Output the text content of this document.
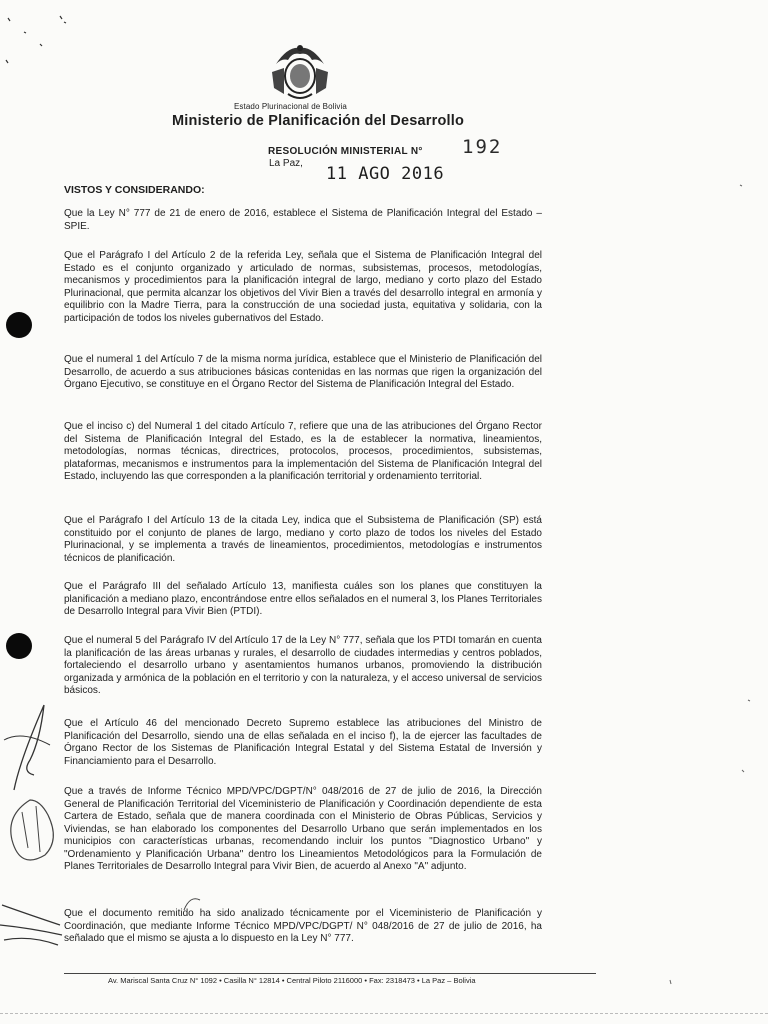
Estado Plurinacional de Bolivia
Ministerio de Planificación del Desarrollo
RESOLUCIÓN MINISTERIAL N° 192
La Paz,
11 AGO 2016
VISTOS Y CONSIDERANDO:

Que la Ley N° 777 de 21 de enero de 2016, establece el Sistema de Planificación Integral del Estado – SPIE.

Que el Parágrafo I del Artículo 2 de la referida Ley, señala que el Sistema de Planificación Integral del Estado es el conjunto organizado y articulado de normas, subsistemas, procesos, metodologías, mecanismos y procedimientos para la planificación integral de largo, mediano y corto plazo del Estado Plurinacional, que permita alcanzar los objetivos del Vivir Bien a través del desarrollo integral en armonía y equilibrio con la Madre Tierra, para la construcción de una sociedad justa, equitativa y solidaria, con la participación de todos los niveles gubernativos del Estado.

Que el numeral 1 del Artículo 7 de la misma norma jurídica, establece que el Ministerio de Planificación del Desarrollo, de acuerdo a sus atribuciones básicas contenidas en las normas que rigen la organización del Órgano Ejecutivo, se constituye en el Órgano Rector del Sistema de Planificación Integral del Estado.

Que el inciso c) del Numeral 1 del citado Artículo 7, refiere que una de las atribuciones del Órgano Rector del Sistema de Planificación Integral del Estado, es la de establecer la normativa, lineamientos, metodologías, normas técnicas, directrices, protocolos, procesos, procedimientos, subsistemas, plataformas, mecanismos e instrumentos para la implementación del Sistema de Planificación Integral del Estado, incluyendo las que corresponden a la planificación territorial y ordenamiento territorial.

Que el Parágrafo I del Artículo 13 de la citada Ley, indica que el Subsistema de Planificación (SP) está constituido por el conjunto de planes de largo, mediano y corto plazo de todos los niveles del Estado Plurinacional, y se implementa a través de lineamientos, procedimientos, metodologías e instrumentos técnicos de planificación.

Que el Parágrafo III del señalado Artículo 13, manifiesta cuáles son los planes que constituyen la planificación a mediano plazo, encontrándose entre ellos señalados en el numeral 3, los Planes Territoriales de Desarrollo Integral para Vivir Bien (PTDI).

Que el numeral 5 del Parágrafo IV del Artículo 17 de la Ley N° 777, señala que los PTDI tomarán en cuenta la planificación de las áreas urbanas y rurales, el desarrollo de ciudades intermedias y centros poblados, fortaleciendo el desarrollo urbano y asentamientos humanos urbanos, promoviendo la distribución organizada y armónica de la población en el territorio y con la naturaleza, y el acceso universal de servicios básicos.

Que el Artículo 46 del mencionado Decreto Supremo establece las atribuciones del Ministro de Planificación del Desarrollo, siendo una de ellas señalada en el inciso f), la de ejercer las facultades de Órgano Rector de los Sistemas de Planificación Integral Estatal y del Sistema Estatal de Inversión y Financiamiento para el Desarrollo.

Que a través de Informe Técnico MPD/VPC/DGPT/N° 048/2016 de 27 de julio de 2016, la Dirección General de Planificación Territorial del Viceministerio de Planificación y Coordinación dependiente de esta Cartera de Estado, señala que de manera coordinada con el Ministerio de Obras Públicas, Servicios y Viviendas, se han elaborado los componentes del Desarrollo Urbano que serán implementados en los municipios con características urbanas, recomendando incluir los puntos "Diagnostico Urbano" y "Ordenamiento y Planificación Urbana" dentro los Lineamientos Metodológicos para la Formulación de Planes Territoriales de Desarrollo Integral para Vivir Bien, de acuerdo al Anexo "A" adjunto.

Que el documento remitido ha sido analizado técnicamente por el Viceministerio de Planificación y Coordinación, que mediante Informe Técnico MPD/VPC/DGPT/ N° 048/2016 de 27 de julio de 2016, ha señalado que el mismo se ajusta a lo dispuesto en la Ley N° 777.

Av. Mariscal Santa Cruz N° 1092 • Casilla N° 12814 • Central Piloto 2116000 • Fax: 2318473 • La Paz – Bolivia
